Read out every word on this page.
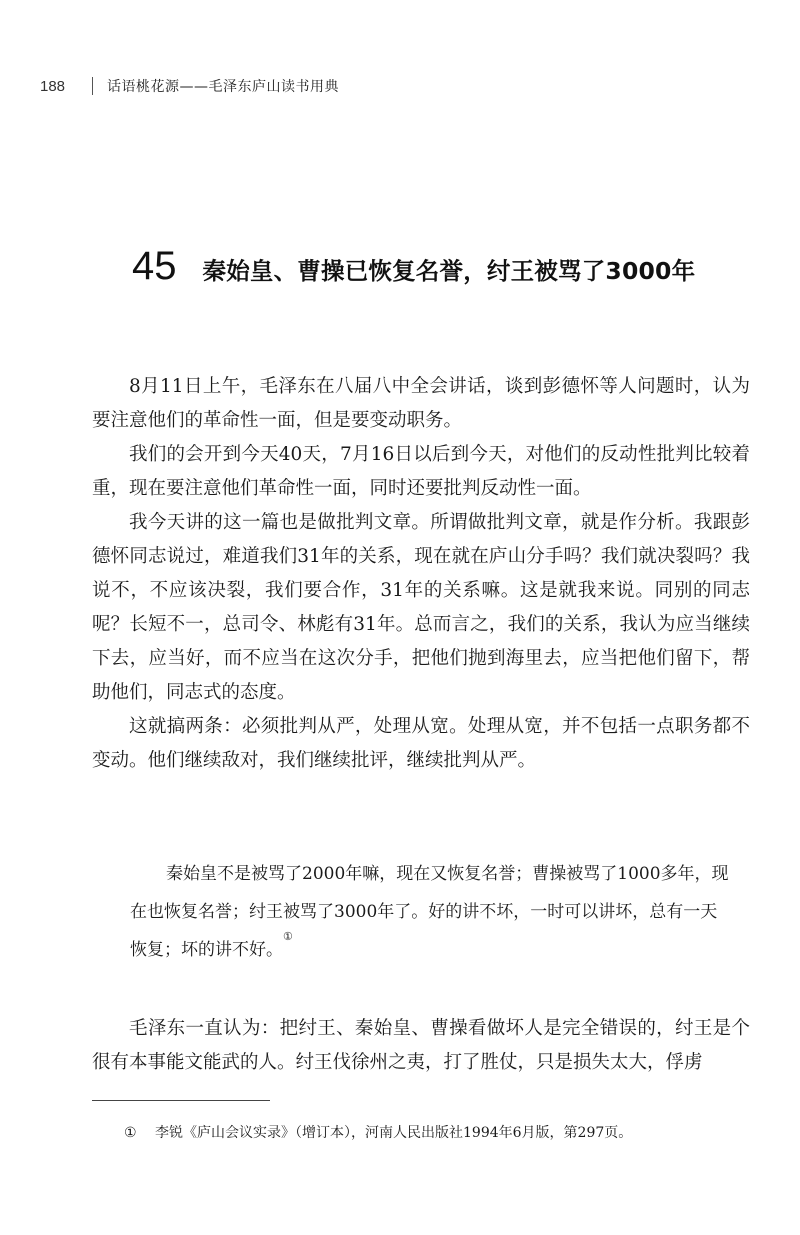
188	话语桃花源——毛泽东庐山读书用典
45 秦始皇、曹操已恢复名誉，纣王被骂了3000年

8月11日上午，毛泽东在八届八中全会讲话，谈到彭德怀等人问题时，认为要注意他们的革命性一面，但是要变动职务。

我们的会开到今天40天，7月16日以后到今天，对他们的反动性批判比较着重，现在要注意他们革命性一面，同时还要批判反动性一面。

我今天讲的这一篇也是做批判文章。所谓做批判文章，就是作分析。我跟彭德怀同志说过，难道我们31年的关系，现在就在庐山分手吗？我们就决裂吗？我说不，不应该决裂，我们要合作，31年的关系嘛。这是就我来说。同别的同志呢？长短不一，总司令、林彪有31年。总而言之，我们的关系，我认为应当继续下去，应当好，而不应当在这次分手，把他们抛到海里去，应当把他们留下，帮助他们，同志式的态度。

这就搞两条：必须批判从严，处理从宽。处理从宽，并不包括一点职务都不变动。他们继续敌对，我们继续批评，继续批判从严。

秦始皇不是被骂了2000年嘛，现在又恢复名誉；曹操被骂了1000多年，现在也恢复名誉；纣王被骂了3000年了。好的讲不坏，一时可以讲坏，总有一天恢复；坏的讲不好。①

毛泽东一直认为：把纣王、秦始皇、曹操看做坏人是完全错误的，纣王是个很有本事能文能武的人。纣王伐徐州之夷，打了胜仗，只是损失太大，俘虏

① 李锐《庐山会议实录》（增订本），河南人民出版社1994年6月版，第297页。
